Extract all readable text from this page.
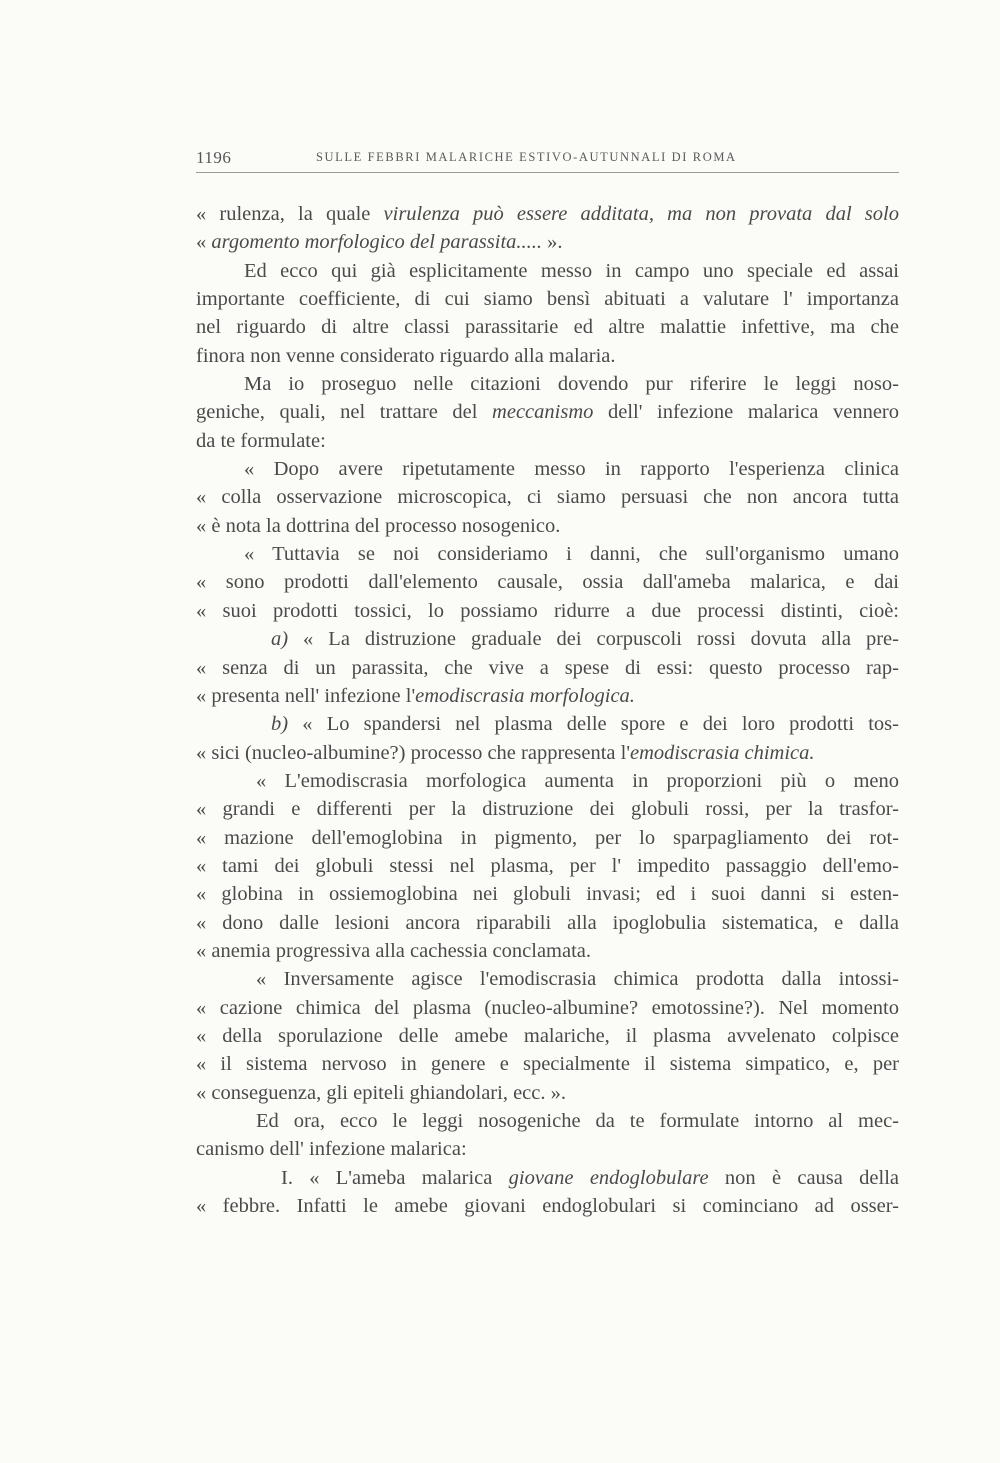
1196	SULLE FEBBRI MALARICHE ESTIVO-AUTUNNALI DI ROMA
« rulenza, la quale virulenza può essere additata, ma non provata dal solo
« argomento morfologico del parassita..... ».
Ed ecco qui già esplicitamente messo in campo uno speciale ed assai
importante coefficiente, di cui siamo bensì abituati a valutare l' importanza
nel riguardo di altre classi parassitarie ed altre malattie infettive, ma che
finora non venne considerato riguardo alla malaria.
Ma io proseguo nelle citazioni dovendo pur riferire le leggi noso-
geniche, quali, nel trattare del meccanismo dell' infezione malarica vennero
da te formulate:
« Dopo avere ripetutamente messo in rapporto l'esperienza clinica
« colla osservazione microscopica, ci siamo persuasi che non ancora tutta
« è nota la dottrina del processo nosogenico.
« Tuttavia se noi consideriamo i danni, che sull'organismo umano
« sono prodotti dall'elemento causale, ossia dall'ameba malarica, e dai
« suoi prodotti tossici, lo possiamo ridurre a due processi distinti, cioè:
a) « La distruzione graduale dei corpuscoli rossi dovuta alla pre-
« senza di un parassita, che vive a spese di essi: questo processo rap-
« presenta nell' infezione l'emodiscrasia morfologica.
b) « Lo spandersi nel plasma delle spore e dei loro prodotti tos-
« sici (nucleo-albumine?) processo che rappresenta l'emodiscrasia chimica.
« L'emodiscrasia morfologica aumenta in proporzioni più o meno
« grandi e differenti per la distruzione dei globuli rossi, per la trasfor-
« mazione dell'emoglobina in pigmento, per lo sparpagliamento dei rot-
« tami dei globuli stessi nel plasma, per l' impedito passaggio dell'emo-
« globina in ossiemoglobina nei globuli invasi; ed i suoi danni si esten-
« dono dalle lesioni ancora riparabili alla ipoglobulia sistematica, e dalla
« anemia progressiva alla cachessia conclamata.
« Inversamente agisce l'emodiscrasia chimica prodotta dalla intossi-
« cazione chimica del plasma (nucleo-albumine? emotossine?). Nel momento
« della sporulazione delle amebe malariche, il plasma avvelenato colpisce
« il sistema nervoso in genere e specialmente il sistema simpatico, e, per
« conseguenza, gli epiteli ghiandolari, ecc. ».
Ed ora, ecco le leggi nosogeniche da te formulate intorno al mec-
canismo dell' infezione malarica:
I. « L'ameba malarica giovane endoglobulare non è causa della
« febbre. Infatti le amebe giovani endoglobulari si cominciano ad osser-
